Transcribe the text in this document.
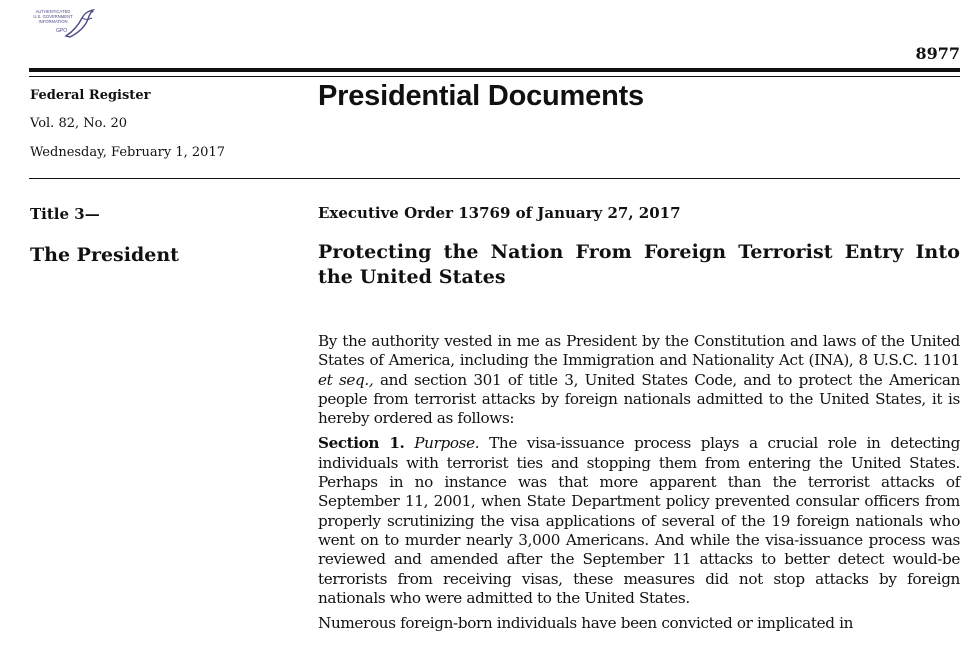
AUTHENTICATED
U.S. GOVERNMENT
INFORMATION
GPO
8977
Federal Register
Vol. 82, No. 20
Wednesday, February 1, 2017
Presidential Documents
Title 3—
The President
Executive Order 13769 of January 27, 2017
Protecting the Nation From Foreign Terrorist Entry Into the United States

By the authority vested in me as President by the Constitution and laws of the United States of America, including the Immigration and Nationality Act (INA), 8 U.S.C. 1101 et seq., and section 301 of title 3, United States Code, and to protect the American people from terrorist attacks by foreign nationals admitted to the United States, it is hereby ordered as follows:

Section 1. Purpose. The visa-issuance process plays a crucial role in detecting individuals with terrorist ties and stopping them from entering the United States. Perhaps in no instance was that more apparent than the terrorist attacks of September 11, 2001, when State Department policy prevented consular officers from properly scrutinizing the visa applications of several of the 19 foreign nationals who went on to murder nearly 3,000 Americans. And while the visa-issuance process was reviewed and amended after the September 11 attacks to better detect would-be terrorists from receiving visas, these measures did not stop attacks by foreign nationals who were admitted to the United States.

Numerous foreign-born individuals have been convicted or implicated in
